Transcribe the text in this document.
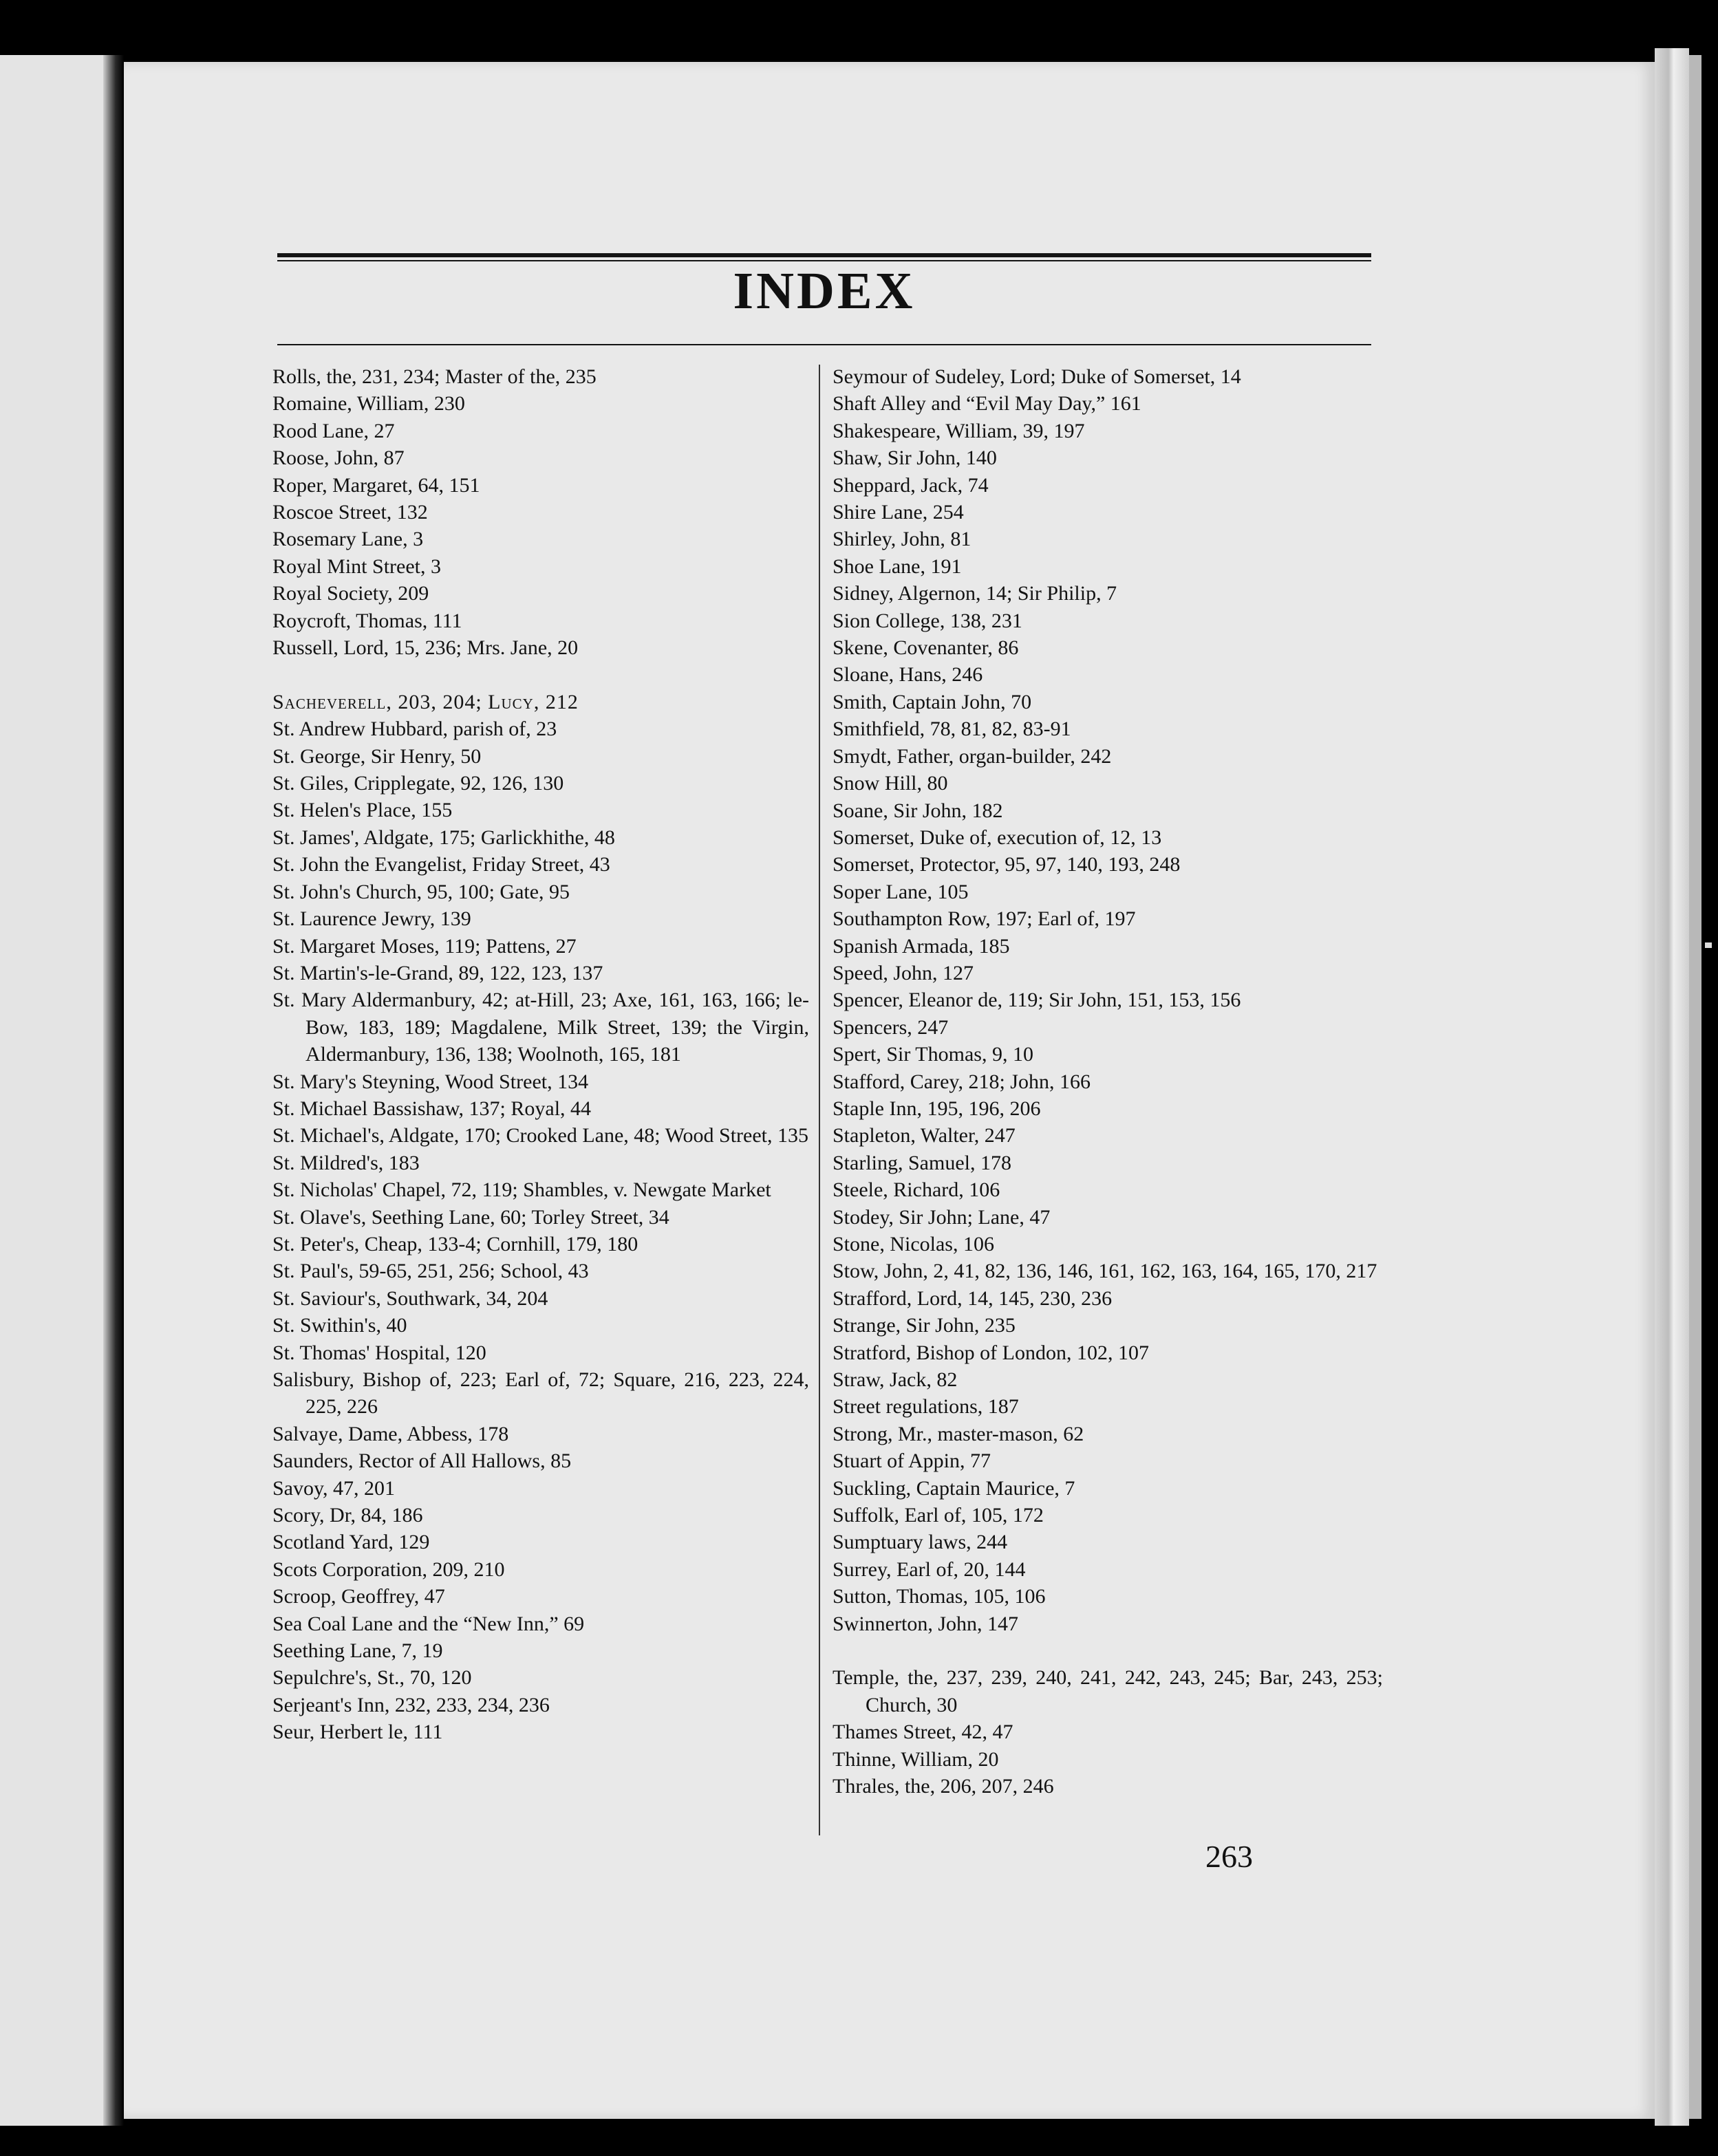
INDEX
Rolls, the, 231, 234; Master of the, 235
Romaine, William, 230
Rood Lane, 27
Roose, John, 87
Roper, Margaret, 64, 151
Roscoe Street, 132
Rosemary Lane, 3
Royal Mint Street, 3
Royal Society, 209
Roycroft, Thomas, 111
Russell, Lord, 15, 236; Mrs. Jane, 20
Sacheverell, 203, 204; Lucy, 212
St. Andrew Hubbard, parish of, 23
St. George, Sir Henry, 50
St. Giles, Cripplegate, 92, 126, 130
St. Helen's Place, 155
St. James', Aldgate, 175; Garlickhithe, 48
St. John the Evangelist, Friday Street, 43
St. John's Church, 95, 100; Gate, 95
St. Laurence Jewry, 139
St. Margaret Moses, 119; Pattens, 27
St. Martin's-le-Grand, 89, 122, 123, 137
St. Mary Aldermanbury, 42; at-Hill, 23; Axe, 161, 163, 166; le-Bow, 183, 189; Magdalene, Milk Street, 139; the Virgin, Aldermanbury, 136, 138; Woolnoth, 165, 181
St. Mary's Steyning, Wood Street, 134
St. Michael Bassishaw, 137; Royal, 44
St. Michael's, Aldgate, 170; Crooked Lane, 48; Wood Street, 135
St. Mildred's, 183
St. Nicholas' Chapel, 72, 119; Shambles, v. Newgate Market
St. Olave's, Seething Lane, 60; Torley Street, 34
St. Peter's, Cheap, 133-4; Cornhill, 179, 180
St. Paul's, 59-65, 251, 256; School, 43
St. Saviour's, Southwark, 34, 204
St. Swithin's, 40
St. Thomas' Hospital, 120
Salisbury, Bishop of, 223; Earl of, 72; Square, 216, 223, 224, 225, 226
Salvaye, Dame, Abbess, 178
Saunders, Rector of All Hallows, 85
Savoy, 47, 201
Scory, Dr, 84, 186
Scotland Yard, 129
Scots Corporation, 209, 210
Scroop, Geoffrey, 47
Sea Coal Lane and the “New Inn,” 69
Seething Lane, 7, 19
Sepulchre's, St., 70, 120
Serjeant's Inn, 232, 233, 234, 236
Seur, Herbert le, 111
Seymour of Sudeley, Lord; Duke of Somerset, 14
Shaft Alley and “Evil May Day,” 161
Shakespeare, William, 39, 197
Shaw, Sir John, 140
Sheppard, Jack, 74
Shire Lane, 254
Shirley, John, 81
Shoe Lane, 191
Sidney, Algernon, 14; Sir Philip, 7
Sion College, 138, 231
Skene, Covenanter, 86
Sloane, Hans, 246
Smith, Captain John, 70
Smithfield, 78, 81, 82, 83-91
Smydt, Father, organ-builder, 242
Snow Hill, 80
Soane, Sir John, 182
Somerset, Duke of, execution of, 12, 13
Somerset, Protector, 95, 97, 140, 193, 248
Soper Lane, 105
Southampton Row, 197; Earl of, 197
Spanish Armada, 185
Speed, John, 127
Spencer, Eleanor de, 119; Sir John, 151, 153, 156
Spencers, 247
Spert, Sir Thomas, 9, 10
Stafford, Carey, 218; John, 166
Staple Inn, 195, 196, 206
Stapleton, Walter, 247
Starling, Samuel, 178
Steele, Richard, 106
Stodey, Sir John; Lane, 47
Stone, Nicolas, 106
Stow, John, 2, 41, 82, 136, 146, 161, 162, 163, 164, 165, 170, 217
Strafford, Lord, 14, 145, 230, 236
Strange, Sir John, 235
Stratford, Bishop of London, 102, 107
Straw, Jack, 82
Street regulations, 187
Strong, Mr., master-mason, 62
Stuart of Appin, 77
Suckling, Captain Maurice, 7
Suffolk, Earl of, 105, 172
Sumptuary laws, 244
Surrey, Earl of, 20, 144
Sutton, Thomas, 105, 106
Swinnerton, John, 147
Temple, the, 237, 239, 240, 241, 242, 243, 245; Bar, 243, 253; Church, 30
Thames Street, 42, 47
Thinne, William, 20
Thrales, the, 206, 207, 246
263
